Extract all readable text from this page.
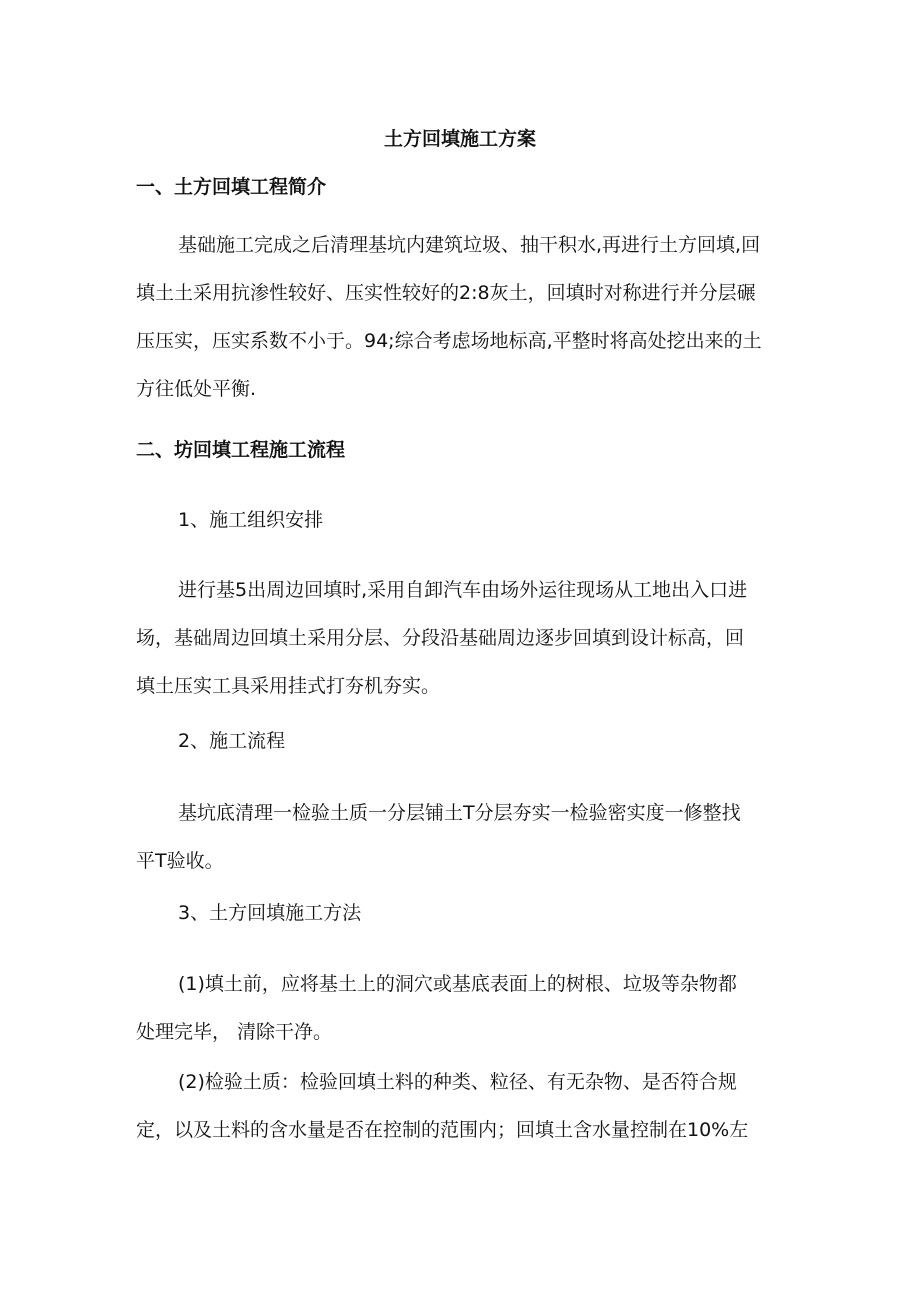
土方回填施工方案
一、土方回填工程简介
基础施工完成之后清理基坑内建筑垃圾、抽干积水,再进行土方回填,回
填土土采用抗渗性较好、压实性较好的2:8灰土，回填时对称进行并分层碾
压压实，压实系数不小于。94;综合考虑场地标高,平整时将高处挖出来的土
方往低处平衡.
二、坊回填工程施工流程
1、施工组织安排
进行基5出周边回填时,采用自卸汽车由场外运往现场从工地出入口进
场，基础周边回填土采用分层、分段沿基础周边逐步回填到设计标高，回
填土压实工具采用挂式打夯机夯实。
2、施工流程
基坑底清理一检验土质一分层铺土T分层夯实一检验密实度一修整找
平T验收。
3、土方回填施工方法
(1)填土前，应将基土上的洞穴或基底表面上的树根、垃圾等杂物都
处理完毕， 清除干净。
(2)检验土质：检验回填土料的种类、粒径、有无杂物、是否符合规
定，以及土料的含水量是否在控制的范围内；回填土含水量控制在10%左
